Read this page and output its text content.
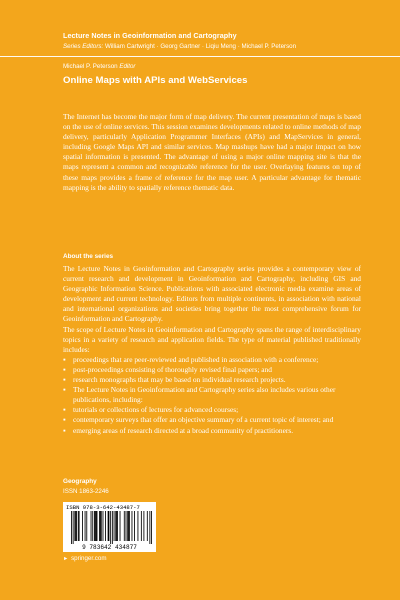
Lecture Notes in Geoinformation and Cartography
Series Editors: William Cartwright · Georg Gartner · Liqiu Meng · Michael P. Peterson
Michael P. Peterson Editor
Online Maps with APIs and WebServices
The Internet has become the major form of map delivery. The current presentation of maps is based on the use of online services. This session examines developments related to online methods of map delivery, particularly Application Programmer Interfaces (APIs) and MapServices in general, including Google Maps API and similar services. Map mashups have had a major impact on how spatial information is presented. The advantage of using a major online mapping site is that the maps represent a common and recognizable reference for the user. Overlaying features on top of these maps provides a frame of reference for the map user. A particular advantage for thematic mapping is the ability to spatially reference thematic data.
About the series

The Lecture Notes in Geoinformation and Cartography series provides a contemporary view of current research and development in Geoinformation and Cartography, including GIS and Geographic Information Science. Publications with associated electronic media examine areas of development and current technology. Editors from multiple continents, in association with national and international organizations and societies bring together the most comprehensive forum for Geoinformation and Cartography.

The scope of Lecture Notes in Geoinformation and Cartography spans the range of interdisciplinary topics in a variety of research and application fields. The type of material published traditionally includes:

▪ proceedings that are peer-reviewed and published in association with a conference;
▪ post-proceedings consisting of thoroughly revised final papers; and
▪ research monographs that may be based on individual research projects.
▪ The Lecture Notes in Geoinformation and Cartography series also includes various other publications, including:
▪ tutorials or collections of lectures for advanced courses;
▪ contemporary surveys that offer an objective summary of a current topic of interest; and
▪ emerging areas of research directed at a broad community of practitioners.
Geography
ISSN 1863-2246
ISBN 978-3-642-43487-7
9 783642 434877
► springer.com
